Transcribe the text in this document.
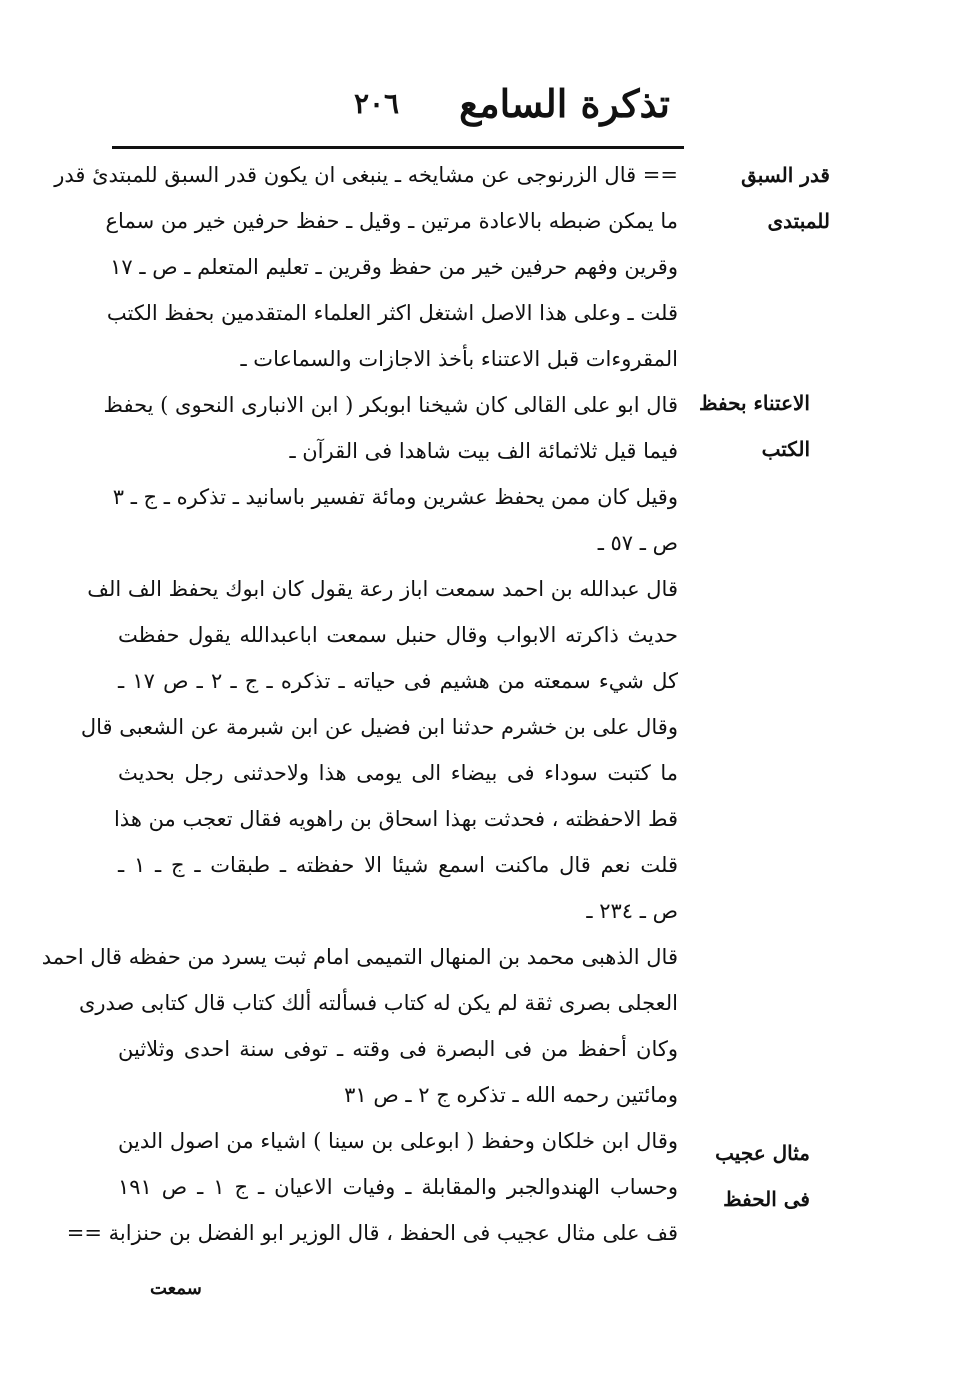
تذكرة السامع
٢٠٦
قدر السبق
للمبتدى
الاعتناء بحفظ
الكتب
مثال عجيب
فى الحفظ
== قال الزرنوجى عن مشايخه ـ ينبغى ان يكون قدر السبق للمبتدئ قدر
ما يمكن ضبطه بالاعادة مرتين ـ وقيل ـ حفظ حرفين خير من سماع
وقرين وفهم حرفين خير من حفظ وقرين ـ تعليم المتعلم ـ ص ـ ١٧
قلت ـ وعلى هذا الاصل اشتغل اكثر العلماء المتقدمين بحفظ الكتب
المقروءات قبل الاعتناء بأخذ الاجازات والسماعات ـ
قال ابو على القالى كان شيخنا ابوبكر ( ابن الانبارى النحوى ) يحفظ
فيما قيل ثلاثمائة الف بيت شاهدا فى القرآن ـ
وقيل كان ممن يحفظ عشرين ومائة تفسير باسانيد ـ تذكره ـ ج ـ ٣
ص ـ ٥٧ ـ
قال عبدالله بن احمد سمعت اباز رعة يقول كان ابوك يحفظ الف الف
حديث ذاكرته الابواب وقال حنبل سمعت اباعبدالله يقول حفظت
كل شيء سمعته من هشيم فى حياته ـ تذكره ـ ج ـ ٢ ـ ص ١٧ ـ
وقال على بن خشرم حدثنا ابن فضيل عن ابن شبرمة عن الشعبى قال
ما كتبت سوداء فى بيضاء الى يومى هذا ولاحدثنى رجل بحديث
قط الاحفظته ، فحدثت بهذا اسحاق بن راهويه فقال تعجب من هذا
قلت نعم قال ماكنت اسمع شيئا الا حفظته ـ طبقات ـ ج ـ ١ ـ
ص ـ ٢٣٤ ـ
قال الذهبى محمد بن المنهال التميمى امام ثبت يسرد من حفظه قال احمد
العجلى بصرى ثقة لم يكن له كتاب فسألته ألك كتاب قال كتابى صدرى
وكان أحفظ من فى البصرة فى وقته ـ توفى سنة احدى وثلاثين
ومائتين رحمه الله ـ تذكره ج ٢ ـ ص ٣١
وقال ابن خلكان وحفظ ( ابوعلى بن سينا ) اشياء من اصول الدين
وحساب الهندوالجبر والمقابلة ـ وفيات الاعيان ـ ج ١ ـ ص ١٩١
قف على مثال عجيب فى الحفظ ، قال الوزير ابو الفضل بن حنزابة ==
سمعت
